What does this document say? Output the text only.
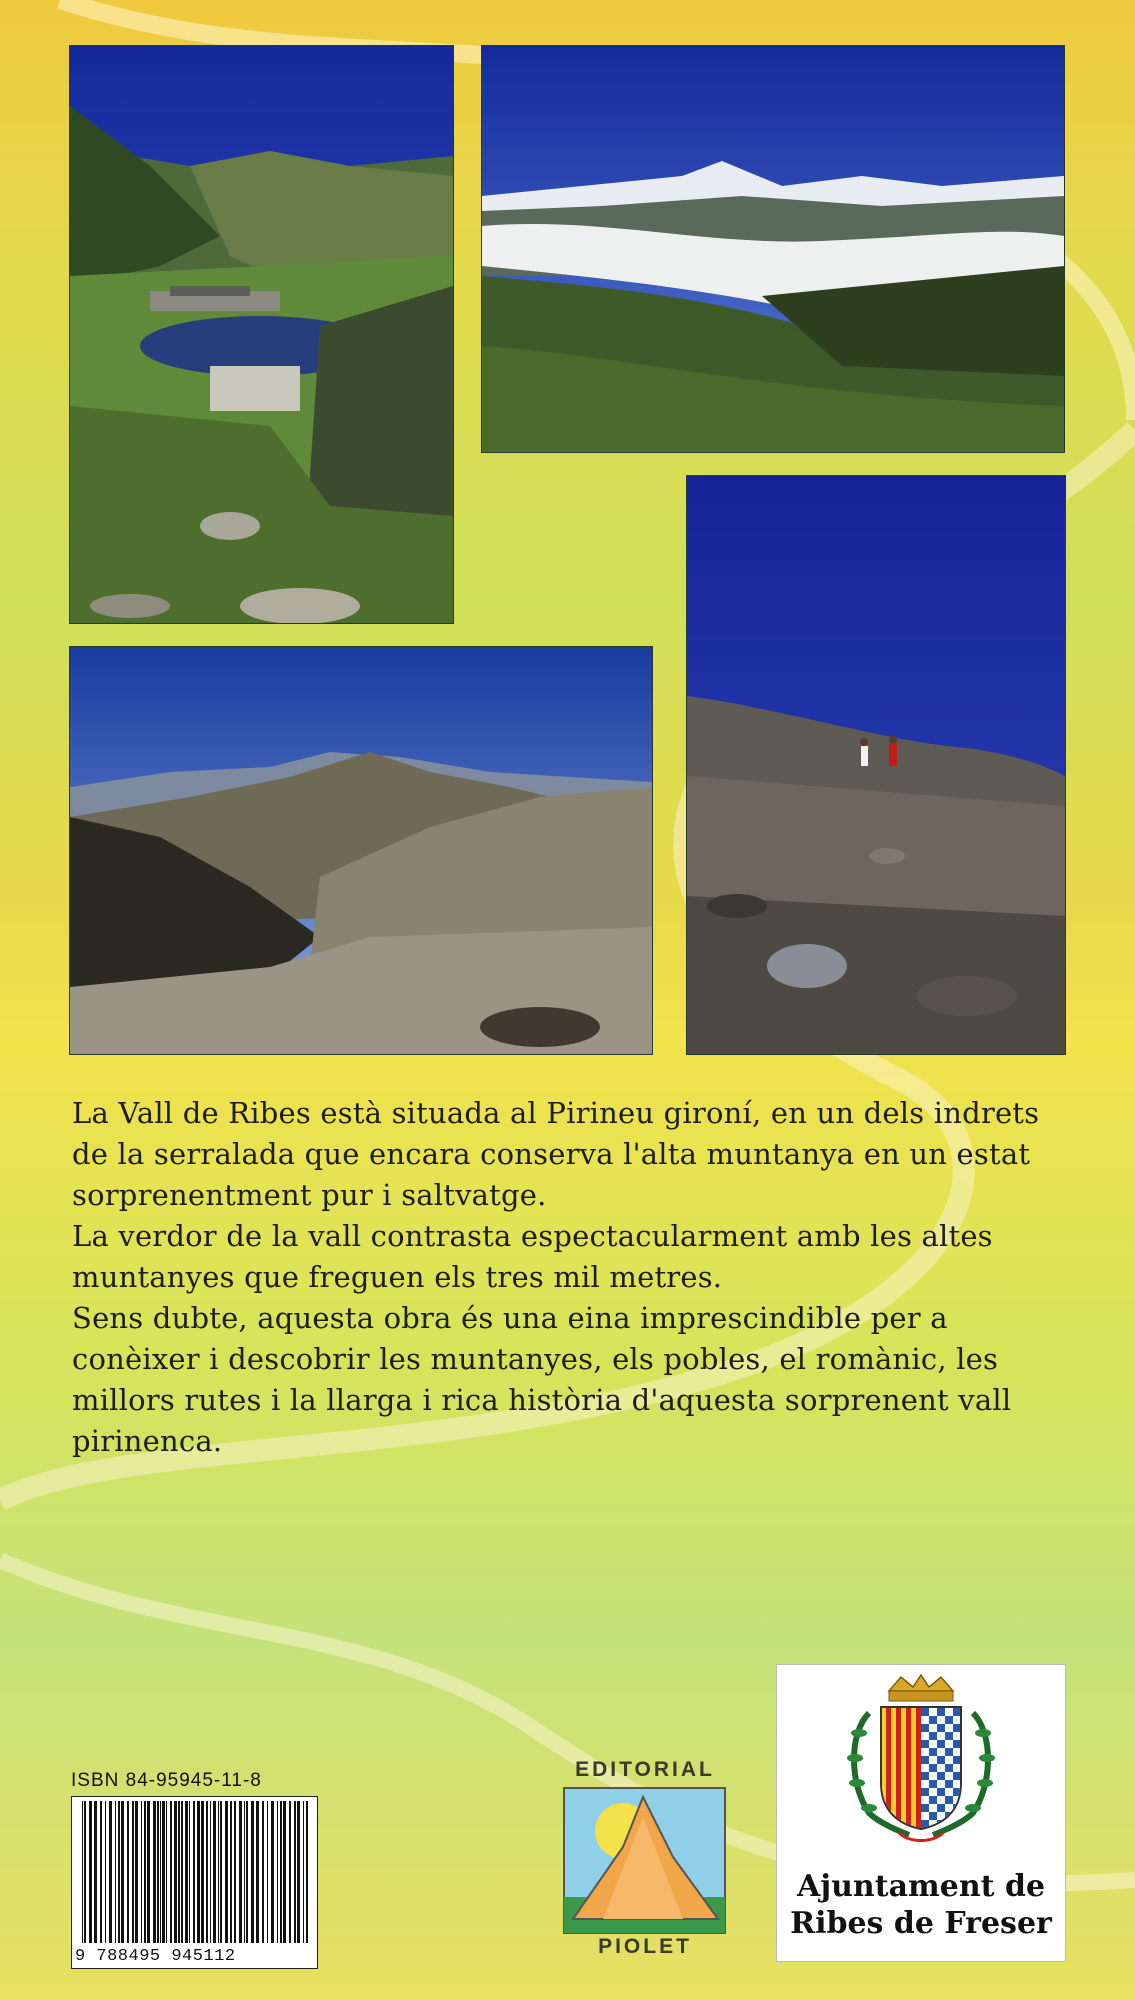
La Vall de Ribes està situada al Pirineu gironí, en un dels indrets de la serralada que encara conserva l'alta muntanya en un estat sorprenentment pur i saltvatge.

La verdor de la vall contrasta espectacularment amb les altes muntanyes que freguen els tres mil metres.

Sens dubte, aquesta obra és una eina imprescindible per a conèixer i descobrir les muntanyes, els pobles, el romànic, les millors rutes i la llarga i rica història d'aquesta sorprenent vall pirinenca.

ISBN 84-95945-11-8
9 788495 945112
EDITORIAL
PIOLET
Ajuntament de Ribes de Freser
